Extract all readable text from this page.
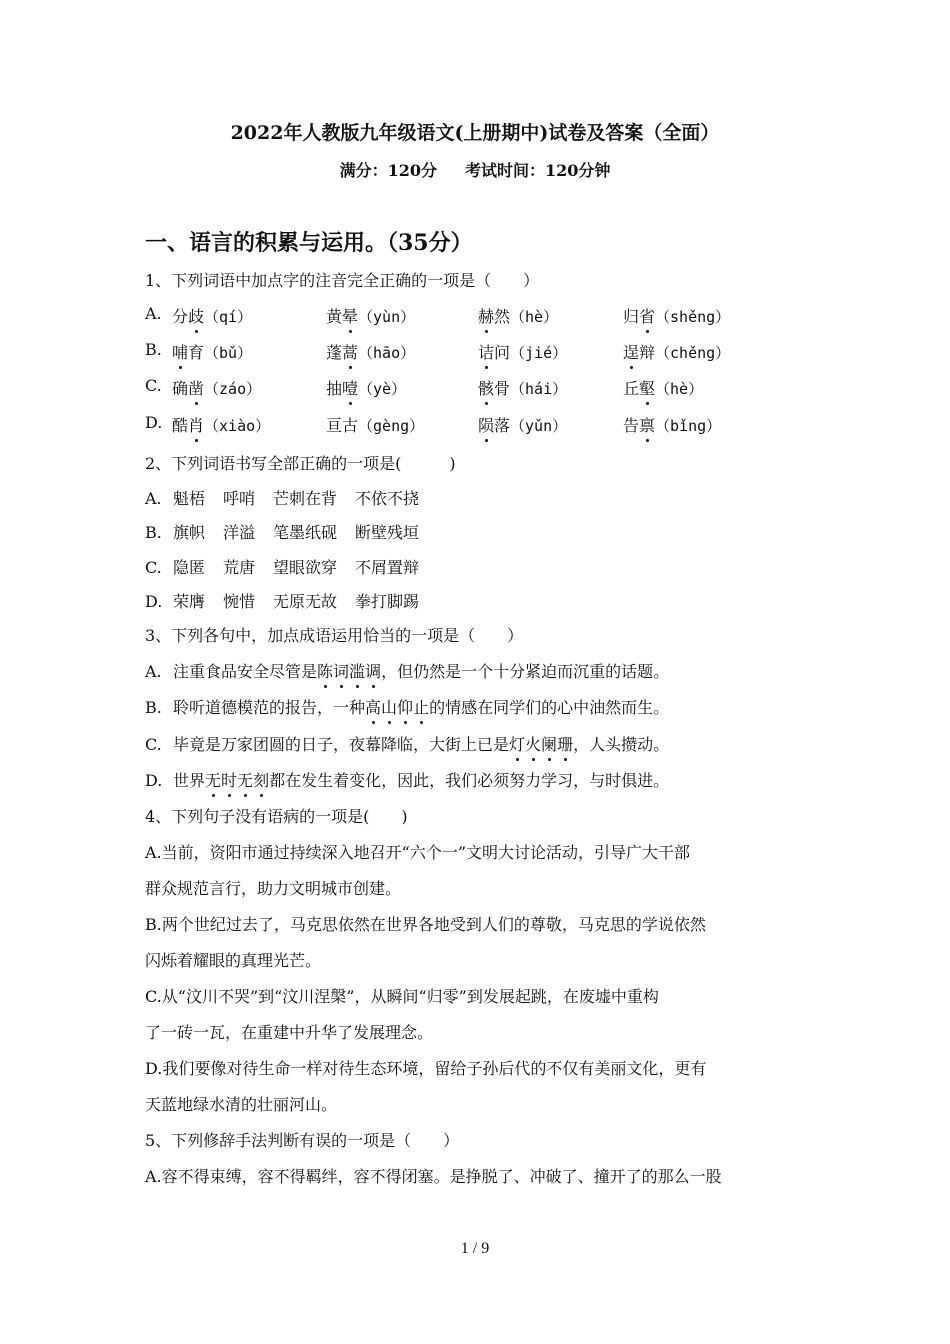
2022年人教版九年级语文(上册期中)试卷及答案（全面）
满分：120分 考试时间：120分钟
一、语言的积累与运用。（35分）
1、下列词语中加点字的注音完全正确的一项是（　　）
A. 分歧（qí）	黄晕（yùn）	赫然（hè）	归省（shěng）
B. 哺育（bǔ）	蓬蒿（hāo）	诘问（jié）	逞辩（chěng）
C. 确凿（záo）	抽噎（yè）	骸骨（hái）	丘壑（hè）
D. 酷肖（xiào）	亘古（gèng）	陨落（yǔn）	告禀（bǐng）
2、下列词语书写全部正确的一项是(　　　)
A. 魁梧 呼哨 芒刺在背 不依不挠
B. 旗帜 洋溢 笔墨纸砚 断壁残垣
C. 隐匿 荒唐 望眼欲穿 不屑置辩
D. 荣膺 惋惜 无原无故 拳打脚踢
3、下列各句中，加点成语运用恰当的一项是（　　）
A. 注重食品安全尽管是陈词滥调，但仍然是一个十分紧迫而沉重的话题。
B. 聆听道德模范的报告，一种高山仰止的情感在同学们的心中油然而生。
C. 毕竟是万家团圆的日子，夜幕降临，大街上已是灯火阑珊，人头攒动。
D. 世界无时无刻都在发生着变化，因此，我们必须努力学习，与时俱进。
4、下列句子没有语病的一项是(　　)
A.当前，资阳市通过持续深入地召开“六个一”文明大讨论活动，引导广大干部
群众规范言行，助力文明城市创建。
B.两个世纪过去了，马克思依然在世界各地受到人们的尊敬，马克思的学说依然
闪烁着耀眼的真理光芒。
C.从“汶川不哭”到“汶川涅槃”，从瞬间“归零”到发展起跳，在废墟中重构
了一砖一瓦，在重建中升华了发展理念。
D.我们要像对待生命一样对待生态环境，留给子孙后代的不仅有美丽文化，更有
天蓝地绿水清的壮丽河山。
5、下列修辞手法判断有误的一项是（　　）
A.容不得束缚，容不得羁绊，容不得闭塞。是挣脱了、冲破了、撞开了的那么一股
1 / 9
